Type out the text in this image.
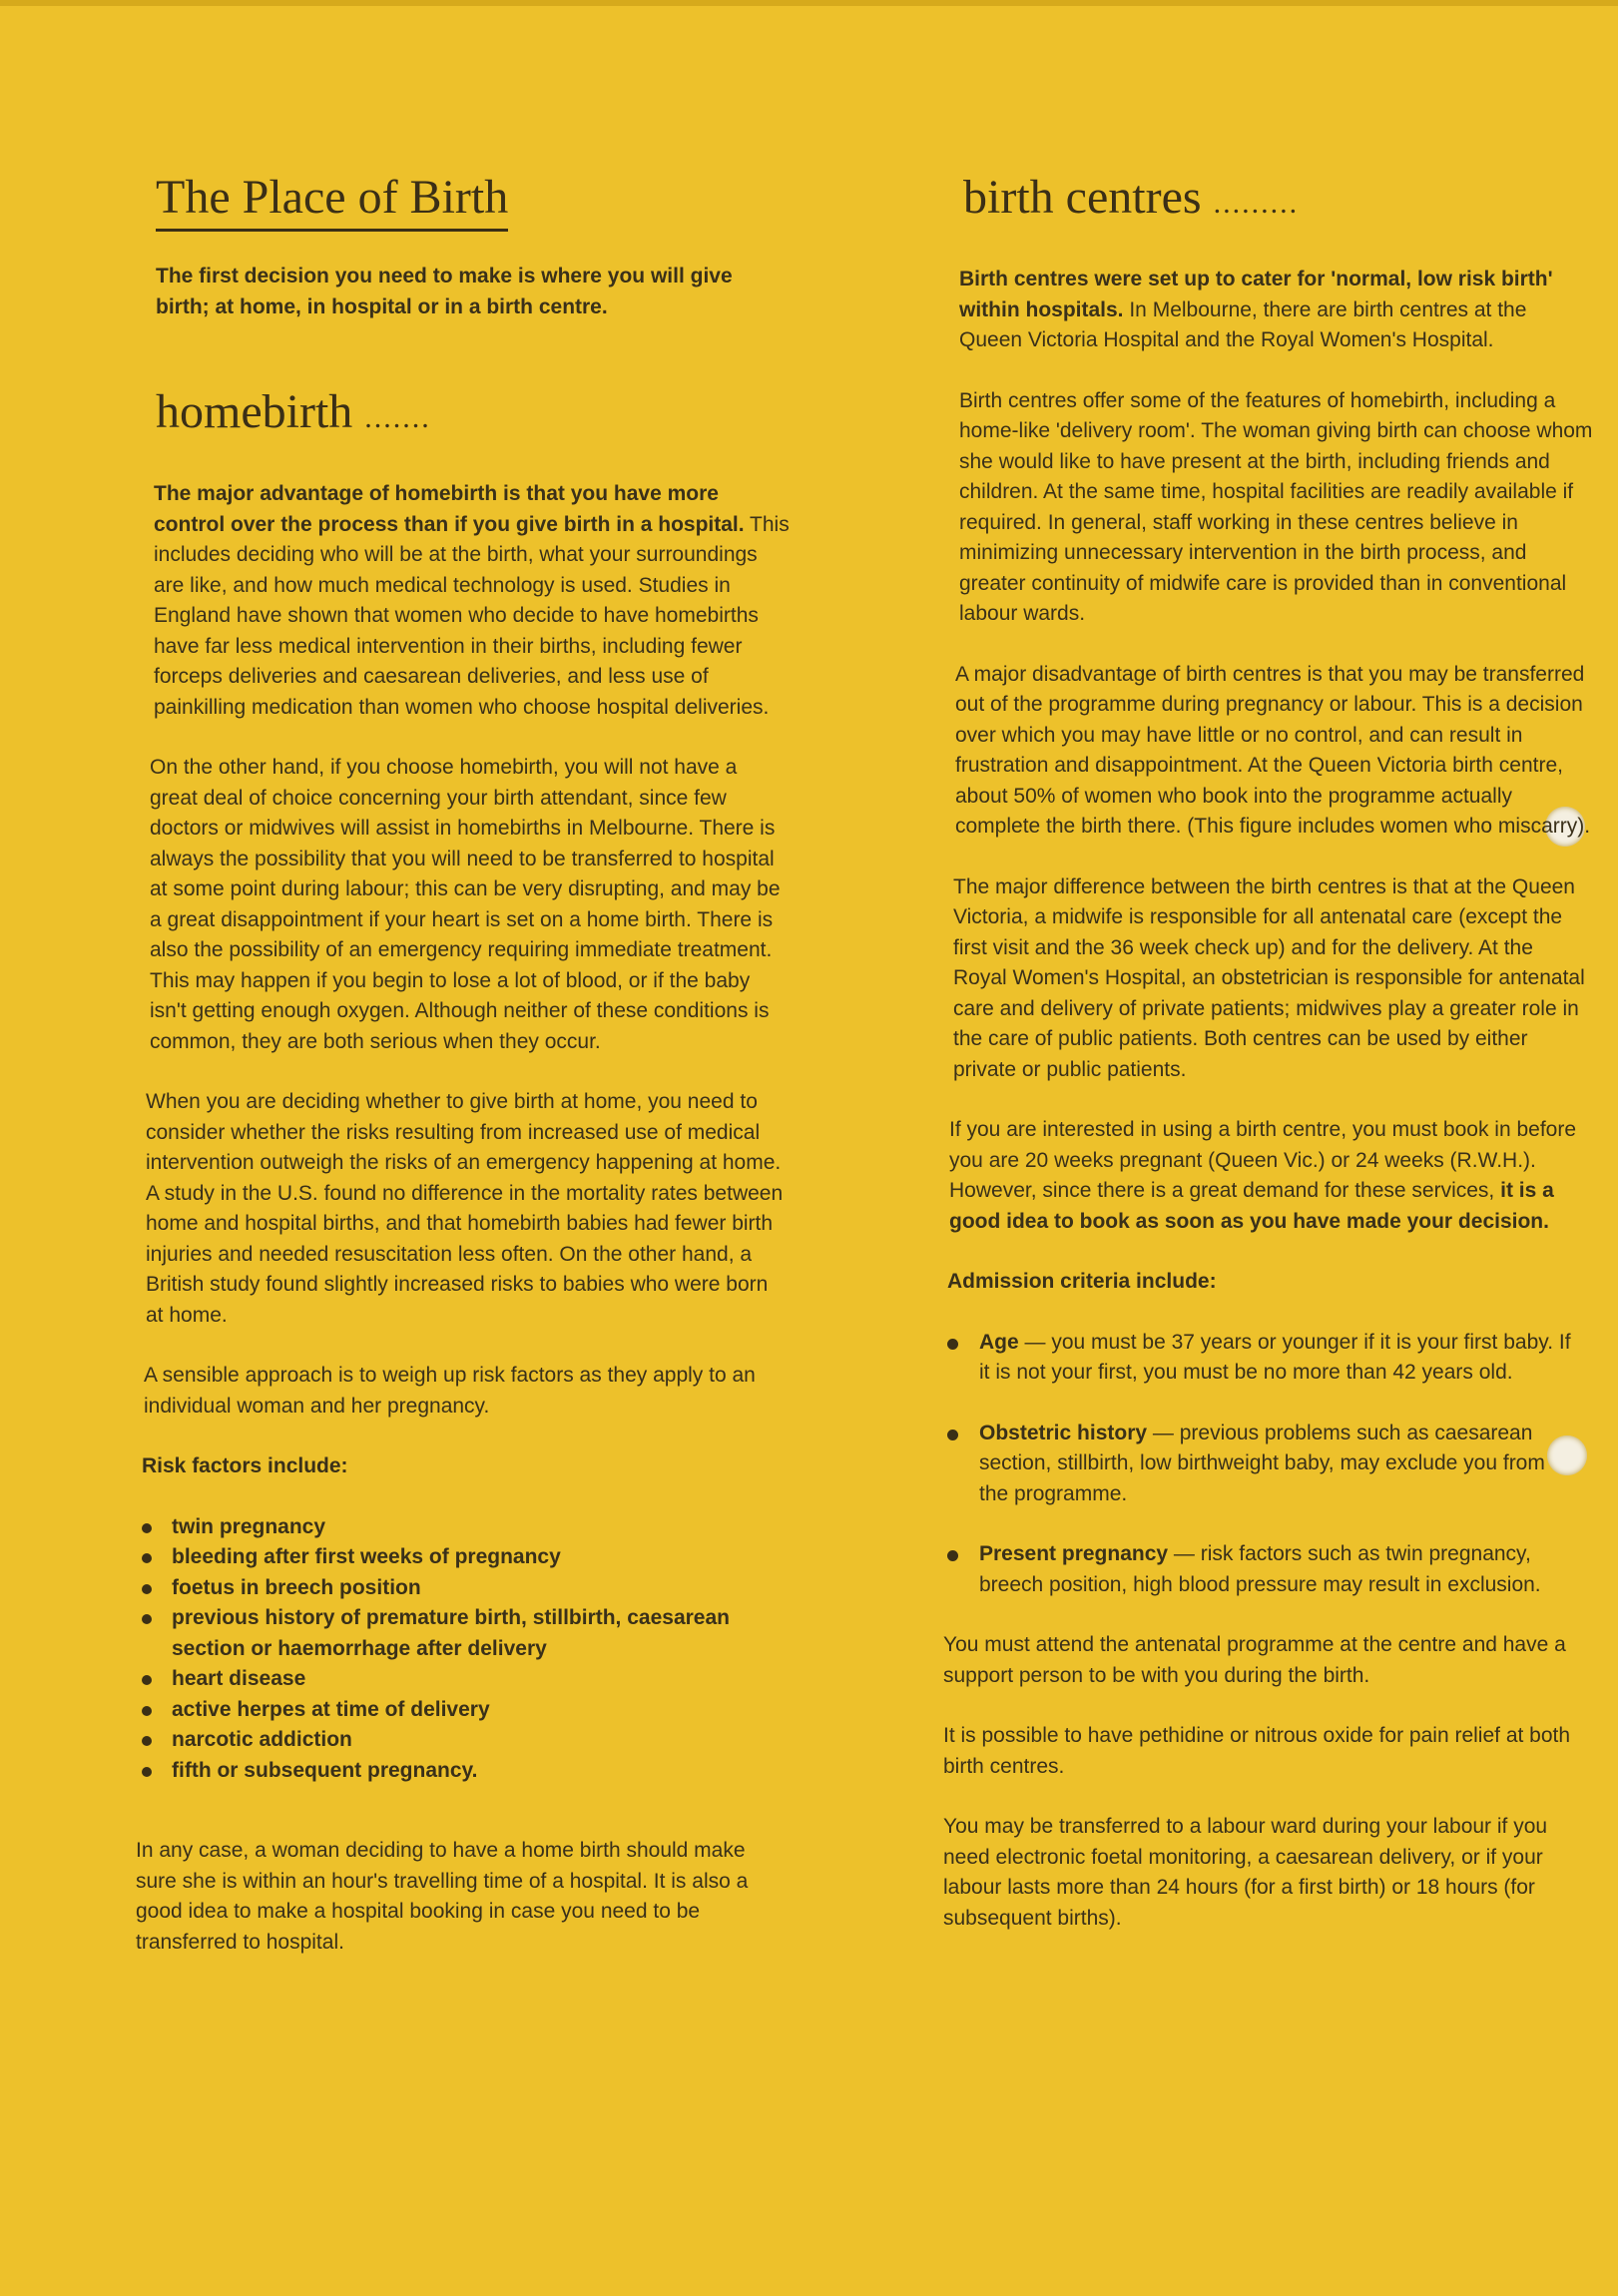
The Place of Birth

The first decision you need to make is where you will give birth; at home, in hospital or in a birth centre.

homebirth .......

The major advantage of homebirth is that you have more control over the process than if you give birth in a hospital. This includes deciding who will be at the birth, what your surroundings are like, and how much medical technology is used. Studies in England have shown that women who decide to have homebirths have far less medical intervention in their births, including fewer forceps deliveries and caesarean deliveries, and less use of painkilling medication than women who choose hospital deliveries.

On the other hand, if you choose homebirth, you will not have a great deal of choice concerning your birth attendant, since few doctors or midwives will assist in homebirths in Melbourne. There is always the possibility that you will need to be transferred to hospital at some point during labour; this can be very disrupting, and may be a great disappointment if your heart is set on a home birth. There is also the possibility of an emergency requiring immediate treatment. This may happen if you begin to lose a lot of blood, or if the baby isn't getting enough oxygen. Although neither of these conditions is common, they are both serious when they occur.

When you are deciding whether to give birth at home, you need to consider whether the risks resulting from increased use of medical intervention outweigh the risks of an emergency happening at home. A study in the U.S. found no difference in the mortality rates between home and hospital births, and that homebirth babies had fewer birth injuries and needed resuscitation less often. On the other hand, a British study found slightly increased risks to babies who were born at home.

A sensible approach is to weigh up risk factors as they apply to an individual woman and her pregnancy.

Risk factors include:

twin pregnancy
bleeding after first weeks of pregnancy
foetus in breech position
previous history of premature birth, stillbirth, caesarean section or haemorrhage after delivery
heart disease
active herpes at time of delivery
narcotic addiction
fifth or subsequent pregnancy.

In any case, a woman deciding to have a home birth should make sure she is within an hour's travelling time of a hospital. It is also a good idea to make a hospital booking in case you need to be transferred to hospital.

birth centres .........

Birth centres were set up to cater for 'normal, low risk birth' within hospitals. In Melbourne, there are birth centres at the Queen Victoria Hospital and the Royal Women's Hospital.

Birth centres offer some of the features of homebirth, including a home-like 'delivery room'. The woman giving birth can choose whom she would like to have present at the birth, including friends and children. At the same time, hospital facilities are readily available if required. In general, staff working in these centres believe in minimizing unnecessary intervention in the birth process, and greater continuity of midwife care is provided than in conventional labour wards.

A major disadvantage of birth centres is that you may be transferred out of the programme during pregnancy or labour. This is a decision over which you may have little or no control, and can result in frustration and disappointment. At the Queen Victoria birth centre, about 50% of women who book into the programme actually complete the birth there. (This figure includes women who miscarry).

The major difference between the birth centres is that at the Queen Victoria, a midwife is responsible for all antenatal care (except the first visit and the 36 week check up) and for the delivery. At the Royal Women's Hospital, an obstetrician is responsible for antenatal care and delivery of private patients; midwives play a greater role in the care of public patients. Both centres can be used by either private or public patients.

If you are interested in using a birth centre, you must book in before you are 20 weeks pregnant (Queen Vic.) or 24 weeks (R.W.H.). However, since there is a great demand for these services, it is a good idea to book as soon as you have made your decision.

Admission criteria include:

Age — you must be 37 years or younger if it is your first baby. If it is not your first, you must be no more than 42 years old.
Obstetric history — previous problems such as caesarean section, stillbirth, low birthweight baby, may exclude you from the programme.
Present pregnancy — risk factors such as twin pregnancy, breech position, high blood pressure may result in exclusion.

You must attend the antenatal programme at the centre and have a support person to be with you during the birth.

It is possible to have pethidine or nitrous oxide for pain relief at both birth centres.

You may be transferred to a labour ward during your labour if you need electronic foetal monitoring, a caesarean delivery, or if your labour lasts more than 24 hours (for a first birth) or 18 hours (for subsequent births).
